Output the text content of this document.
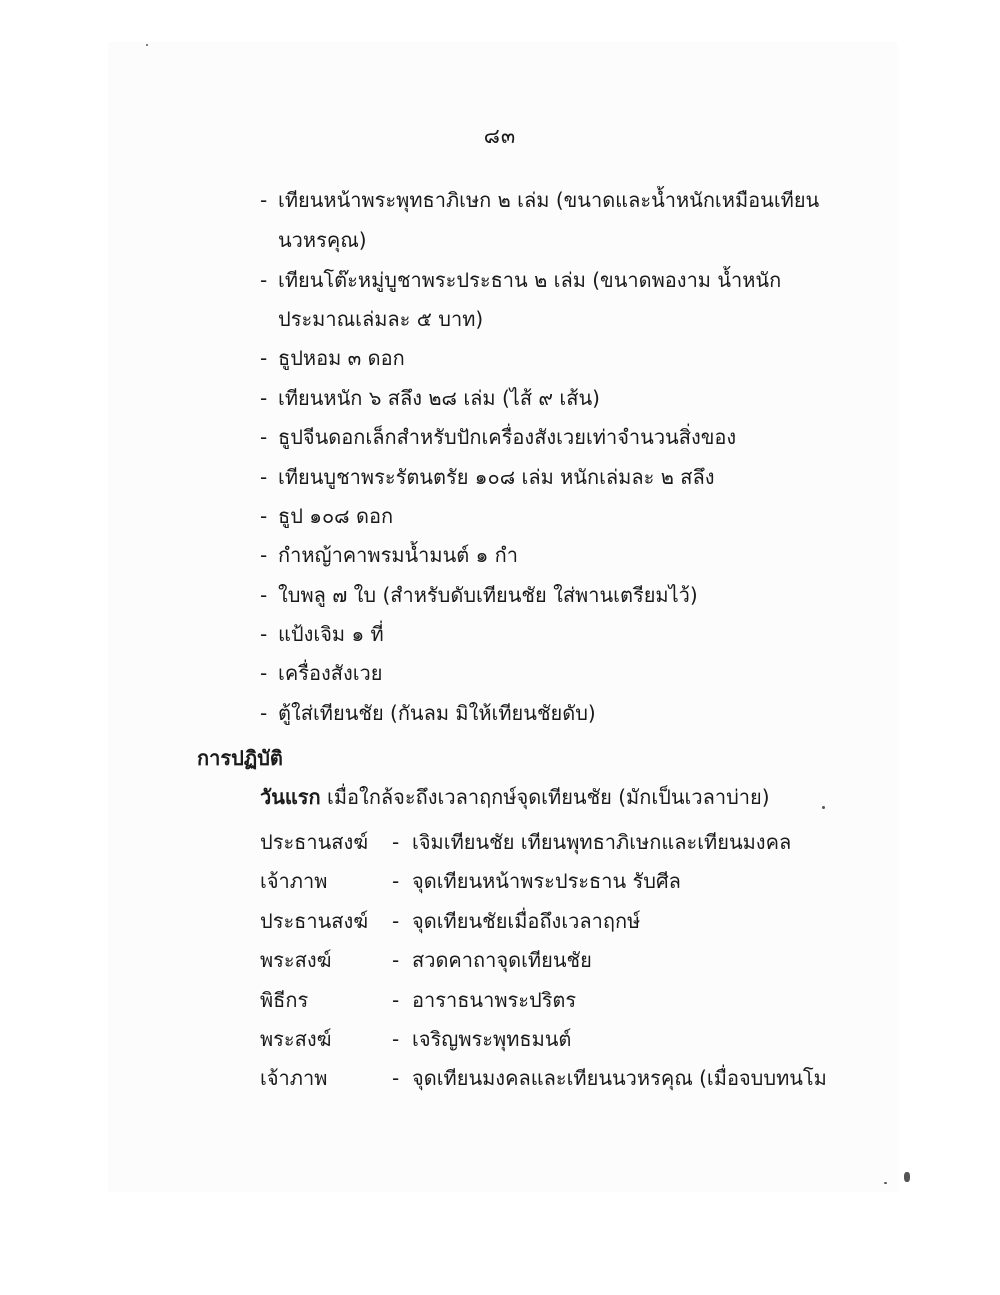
๘๓
- เทียนหน้าพระพุทธาภิเษก ๒ เล่ม (ขนาดและน้ำหนักเหมือนเทียน
นวหรคุณ)
- เทียนโต๊ะหมู่บูชาพระประธาน ๒ เล่ม (ขนาดพองาม น้ำหนัก
ประมาณเล่มละ ๕ บาท)
- ธูปหอม ๓ ดอก
- เทียนหนัก ๖ สลึง ๒๘ เล่ม (ไส้ ๙ เส้น)
- ธูปจีนดอกเล็กสำหรับปักเครื่องสังเวยเท่าจำนวนสิ่งของ
- เทียนบูชาพระรัตนตรัย ๑๐๘ เล่ม หนักเล่มละ ๒ สลึง
- ธูป ๑๐๘ ดอก
- กำหญ้าคาพรมน้ำมนต์ ๑ กำ
- ใบพลู ๗ ใบ (สำหรับดับเทียนชัย ใส่พานเตรียมไว้)
- แป้งเจิม ๑ ที่
- เครื่องสังเวย
- ตู้ใส่เทียนชัย (กันลม มิให้เทียนชัยดับ)
การปฏิบัติ
วันแรก เมื่อใกล้จะถึงเวลาฤกษ์จุดเทียนชัย (มักเป็นเวลาบ่าย)
ประธานสงฆ์ - เจิมเทียนชัย เทียนพุทธาภิเษกและเทียนมงคล
เจ้าภาพ	- จุดเทียนหน้าพระประธาน รับศีล
ประธานสงฆ์ - จุดเทียนชัยเมื่อถึงเวลาฤกษ์
พระสงฆ์	- สวดคาถาจุดเทียนชัย
พิธีกร	- อาราธนาพระปริตร
พระสงฆ์	- เจริญพระพุทธมนต์
เจ้าภาพ	- จุดเทียนมงคลและเทียนนวหรคุณ (เมื่อจบบทนโม
